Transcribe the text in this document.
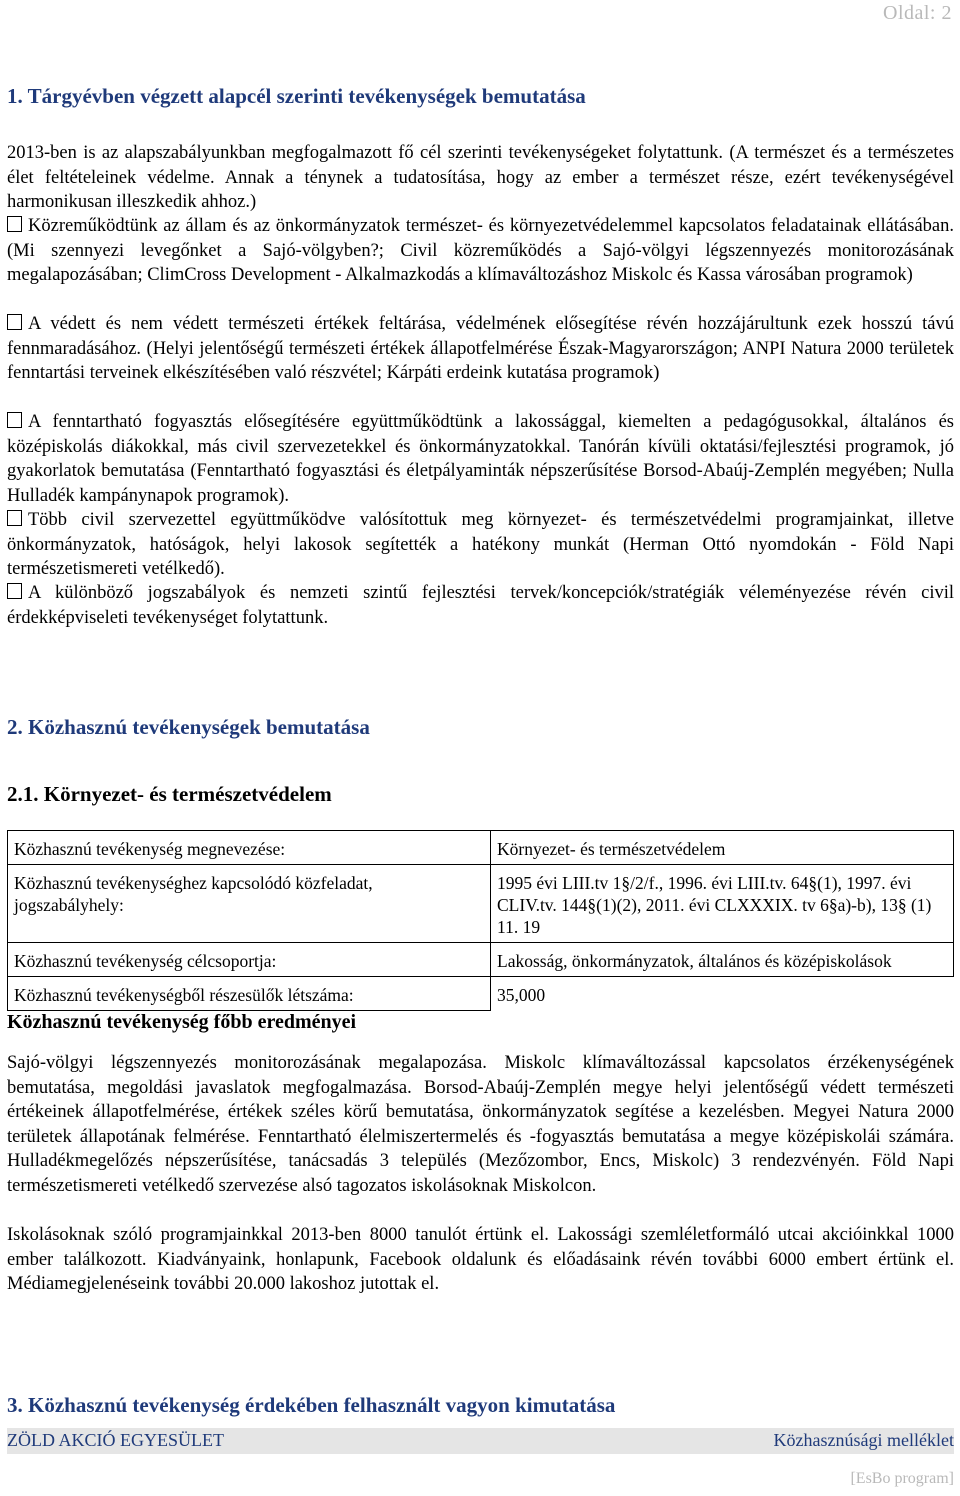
Oldal: 2
1. Tárgyévben végzett alapcél szerinti tevékenységek bemutatása

2013-ben is az alapszabályunkban megfogalmazott fő cél szerinti tevékenységeket folytattunk. (A természet és a természetes élet feltételeinek védelme. Annak a ténynek a tudatosítása, hogy az ember a természet része, ezért tevékenységével harmonikusan illeszkedik ahhoz.)

Közreműködtünk az állam és az önkormányzatok természet- és környezetvédelemmel kapcsolatos feladatainak ellátásában. (Mi szennyezi levegőnket a Sajó-völgyben?; Civil közreműködés a Sajó-völgyi légszennyezés monitorozásának megalapozásában; ClimCross Development - Alkalmazkodás a klímaváltozáshoz Miskolc és Kassa városában programok)

A védett és nem védett természeti értékek feltárása, védelmének elősegítése révén hozzájárultunk ezek hosszú távú fennmaradásához. (Helyi jelentőségű természeti értékek állapotfelmérése Észak-Magyarországon; ANPI Natura 2000 területek fenntartási terveinek elkészítésében való részvétel; Kárpáti erdeink kutatása programok)

A fenntartható fogyasztás elősegítésére együttműködtünk a lakossággal, kiemelten a pedagógusokkal, általános és középiskolás diákokkal, más civil szervezetekkel és önkormányzatokkal. Tanórán kívüli oktatási/fejlesztési programok, jó gyakorlatok bemutatása (Fenntartható fogyasztási és életpályaminták népszerűsítése Borsod-Abaúj-Zemplén megyében; Nulla Hulladék kampánynapok programok).

Több civil szervezettel együttműködve valósítottuk meg környezet- és természetvédelmi programjainkat, illetve önkormányzatok, hatóságok, helyi lakosok segítették a hatékony munkát (Herman Ottó nyomdokán - Föld Napi természetismereti vetélkedő).

A különböző jogszabályok és nemzeti szintű fejlesztési tervek/koncepciók/stratégiák véleményezése révén civil érdekképviseleti tevékenységet folytattunk.

2. Közhasznú tevékenységek bemutatása
2.1. Környezet- és természetvédelem
Közhasznú tevékenység megnevezése:	Környezet- és természetvédelem
Közhasznú tevékenységhez kapcsolódó közfeladat, jogszabályhely:	1995 évi LIII.tv 1§/2/f., 1996. évi LIII.tv. 64§(1), 1997. évi CLIV.tv. 144§(1)(2), 2011. évi CLXXXIX. tv 6§a)-b), 13§ (1) 11. 19
Közhasznú tevékenység célcsoportja:	Lakosság, önkormányzatok, általános és középiskolások
Közhasznú tevékenységből részesülők létszáma:	35,000
Közhasznú tevékenység főbb eredményei

Sajó-völgyi légszennyezés monitorozásának megalapozása. Miskolc klímaváltozással kapcsolatos érzékenységének bemutatása, megoldási javaslatok megfogalmazása. Borsod-Abaúj-Zemplén megye helyi jelentőségű védett természeti értékeinek állapotfelmérése, értékek széles körű bemutatása, önkormányzatok segítése a kezelésben. Megyei Natura 2000 területek állapotának felmérése. Fenntartható élelmiszertermelés és -fogyasztás bemutatása a megye középiskolái számára. Hulladékmegelőzés népszerűsítése, tanácsadás 3 település (Mezőzombor, Encs, Miskolc) 3 rendezvényén. Föld Napi természetismereti vetélkedő szervezése alsó tagozatos iskolásoknak Miskolcon.

Iskolásoknak szóló programjainkkal 2013-ben 8000 tanulót értünk el. Lakossági szemléletformáló utcai akcióinkkal 1000 ember találkozott. Kiadványaink, honlapunk, Facebook oldalunk és előadásaink révén további 6000 embert értünk el. Médiamegjelenéseink további 20.000 lakoshoz jutottak el.

3. Közhasznú tevékenység érdekében felhasznált vagyon kimutatása
ZÖLD AKCIÓ EGYESÜLET	Közhasznúsági melléklet
[EsBo program]
